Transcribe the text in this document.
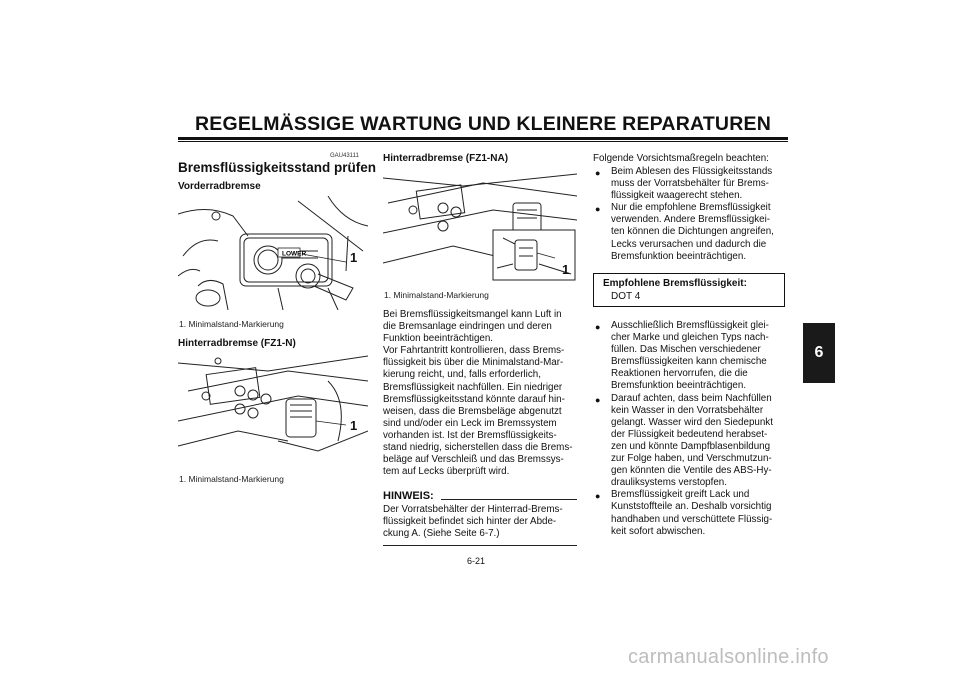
REGELMÄSSIGE WARTUNG UND KLEINERE REPARATUREN
6
GAU43111
Bremsflüssigkeitsstand prüfen
Vorderradbremse
LOWER	1
1. Minimalstand-Markierung
Hinterradbremse (FZ1-N)
1
1. Minimalstand-Markierung
Hinterradbremse (FZ1-NA)
1
1. Minimalstand-Markierung
Bei Bremsflüssigkeitsmangel kann Luft in
die Bremsanlage eindringen und deren
Funktion beeinträchtigen.
Vor Fahrtantritt kontrollieren, dass Brems-
flüssigkeit bis über die Minimalstand-Mar-
kierung reicht, und, falls erforderlich,
Bremsflüssigkeit nachfüllen. Ein niedriger
Bremsflüssigkeitsstand könnte darauf hin-
weisen, dass die Bremsbeläge abgenutzt
sind und/oder ein Leck im Bremssystem
vorhanden ist. Ist der Bremsflüssigkeits-
stand niedrig, sicherstellen dass die Brems-
beläge auf Verschleiß und das Bremssys-
tem auf Lecks überprüft wird.
HINWEIS:
Der Vorratsbehälter der Hinterrad-Brems-
flüssigkeit befindet sich hinter der Abde-
ckung A. (Siehe Seite 6-7.)
Folgende Vorsichtsmaßregeln beachten:
● Beim Ablesen des Flüssigkeitsstands
muss der Vorratsbehälter für Brems-
flüssigkeit waagerecht stehen.
● Nur die empfohlene Bremsflüssigkeit
verwenden. Andere Bremsflüssigkei-
ten können die Dichtungen angreifen,
Lecks verursachen und dadurch die
Bremsfunktion beeinträchtigen.
Empfohlene Bremsflüssigkeit:
DOT 4
● Ausschließlich Bremsflüssigkeit glei-
cher Marke und gleichen Typs nach-
füllen. Das Mischen verschiedener
Bremsflüssigkeiten kann chemische
Reaktionen hervorrufen, die die
Bremsfunktion beeinträchtigen.
● Darauf achten, dass beim Nachfüllen
kein Wasser in den Vorratsbehälter
gelangt. Wasser wird den Siedepunkt
der Flüssigkeit bedeutend herabset-
zen und könnte Dampfblasenbildung
zur Folge haben, und Verschmutzun-
gen könnten die Ventile des ABS-Hy-
drauliksystems verstopfen.
● Bremsflüssigkeit greift Lack und
Kunststoffteile an. Deshalb vorsichtig
handhaben und verschüttete Flüssig-
keit sofort abwischen.
6-21
carmanualsonline.info
